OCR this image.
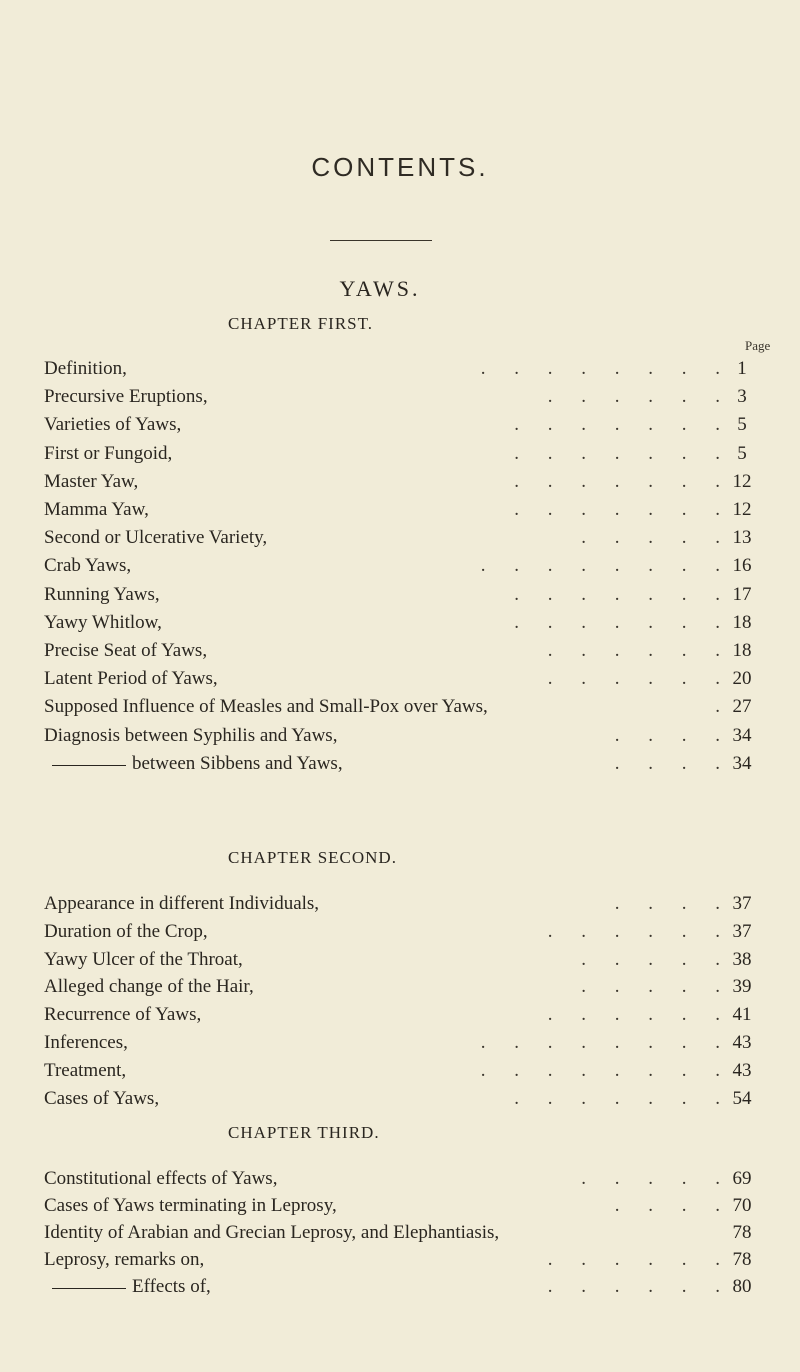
CONTENTS.
YAWS.
Page
CHAPTER FIRST.
Definition,	. . . . . . . . 1
Precursive Eruptions,	. . . . . . 3
Varieties of Yaws,	. . . . . . . 5
First or Fungoid,	. . . . . . . 5
Master Yaw,	. . . . . . . 12
Mamma Yaw,	. . . . . . . 12
Second or Ulcerative Variety,	. . . . . 13
Crab Yaws,	. . . . . . . . 16
Running Yaws,	. . . . . . . 17
Yawy Whitlow,	. . . . . . . 18
Precise Seat of Yaws,	. . . . . . 18
Latent Period of Yaws,	. . . . . . 20
Supposed Influence of Measles and Small-Pox over Yaws,	. 27
Diagnosis between Syphilis and Yaws,	. . . . 34
between Sibbens and Yaws,	. . . . 34
CHAPTER SECOND.
Appearance in different Individuals,	. . . . 37
Duration of the Crop,	. . . . . . 37
Yawy Ulcer of the Throat,	. . . . . 38
Alleged change of the Hair,	. . . . . 39
Recurrence of Yaws,	. . . . . . 41
Inferences,	. . . . . . . . 43
Treatment,	. . . . . . . . 43
Cases of Yaws,	. . . . . . . 54
CHAPTER THIRD.
Constitutional effects of Yaws,	. . . . . 69
Cases of Yaws terminating in Leprosy,	. . . . 70
Identity of Arabian and Grecian Leprosy, and Elephantiasis,	78
Leprosy, remarks on,	. . . . . . 78
Effects of,	. . . . . . 80
